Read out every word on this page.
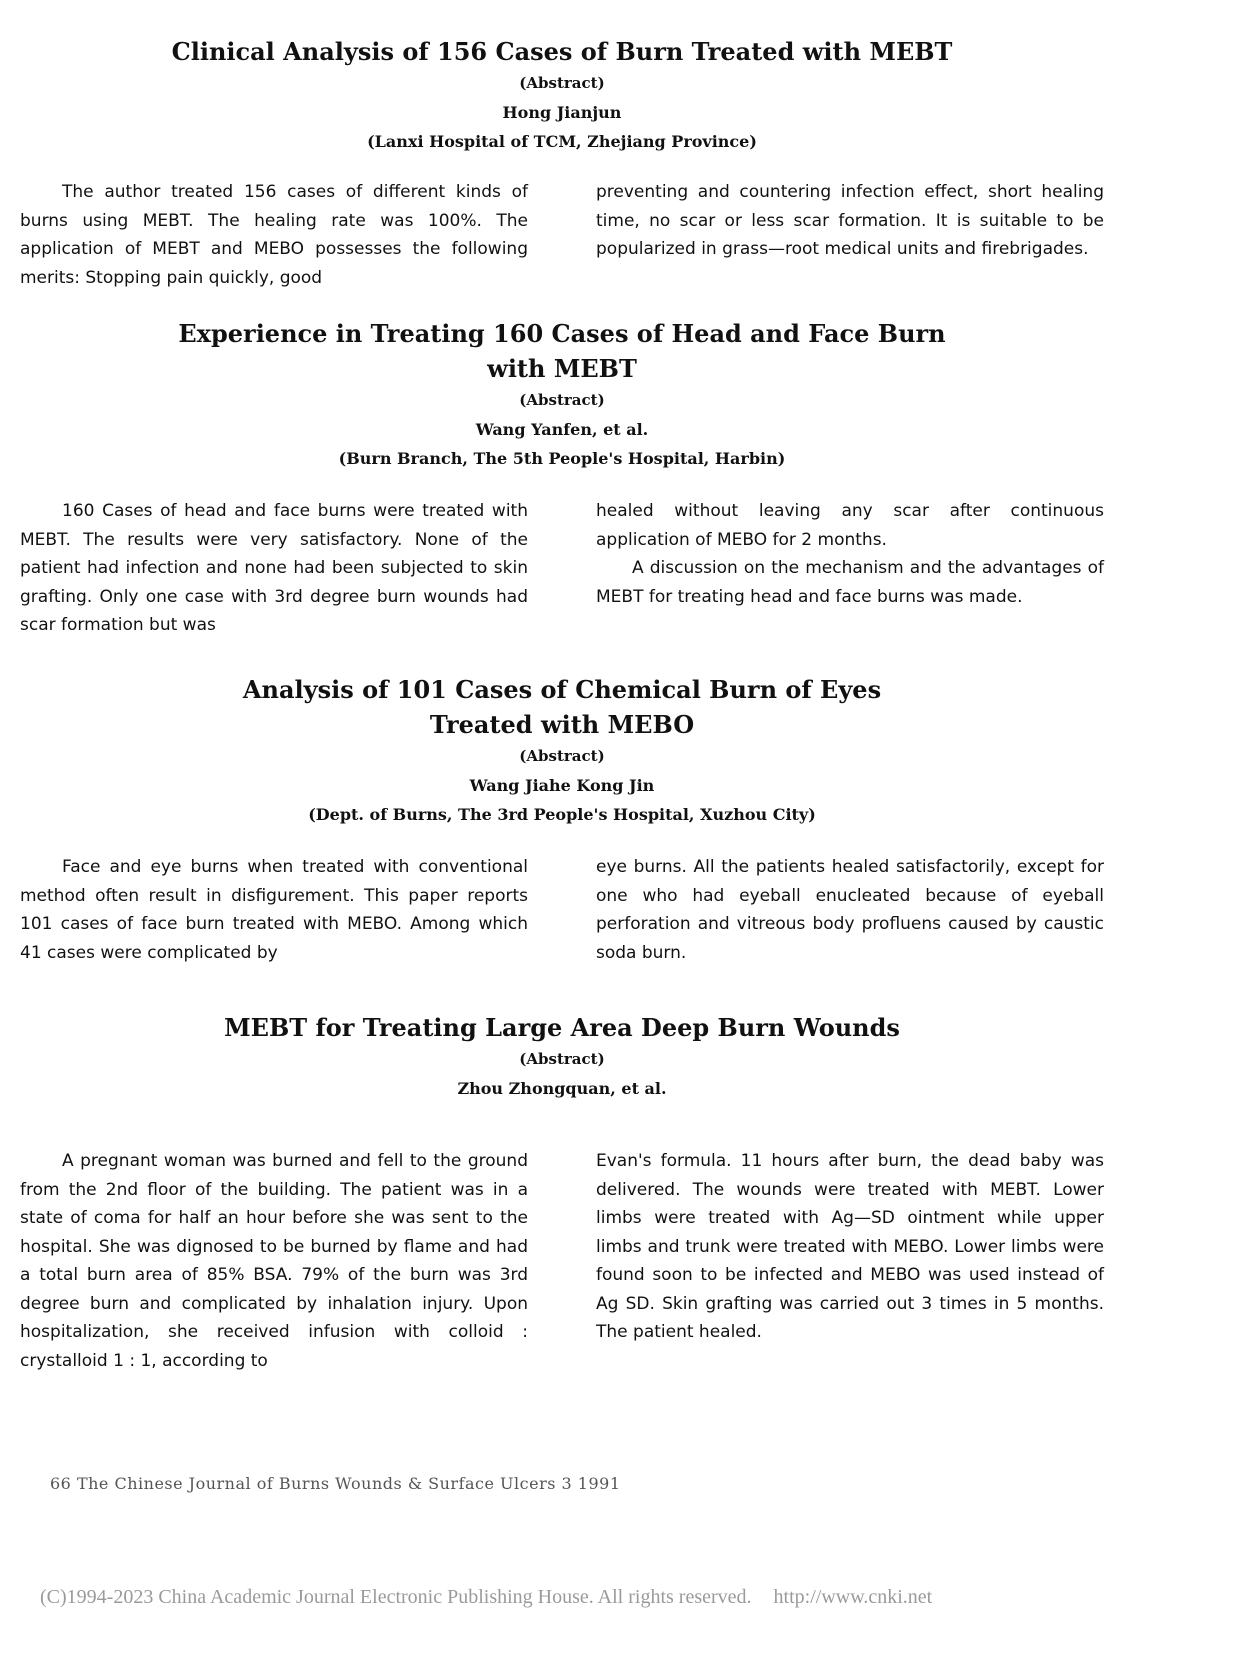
Clinical Analysis of 156 Cases of Burn Treated with MEBT

(Abstract)

Hong Jianjun

(Lanxi Hospital of TCM, Zhejiang Province)

The author treated 156 cases of different kinds of burns using MEBT. The healing rate was 100%. The application of MEBT and MEBO possesses the following merits: Stopping pain quickly, good

preventing and countering infection effect, short healing time, no scar or less scar formation. It is suitable to be popularized in grass—root medical units and firebrigades.

Experience in Treating 160 Cases of Head and Face Burn
with MEBT

(Abstract)

Wang Yanfen, et al.

(Burn Branch, The 5th People's Hospital, Harbin)

160 Cases of head and face burns were treated with MEBT. The results were very satisfactory. None of the patient had infection and none had been subjected to skin grafting. Only one case with 3rd degree burn wounds had scar formation but was

healed without leaving any scar after continuous application of MEBO for 2 months.

A discussion on the mechanism and the advantages of MEBT for treating head and face burns was made.

Analysis of 101 Cases of Chemical Burn of Eyes
Treated with MEBO

(Abstract)

Wang Jiahe Kong Jin

(Dept. of Burns, The 3rd People's Hospital, Xuzhou City)

Face and eye burns when treated with conventional method often result in disfigurement. This paper reports 101 cases of face burn treated with MEBO. Among which 41 cases were complicated by

eye burns. All the patients healed satisfactorily, except for one who had eyeball enucleated because of eyeball perforation and vitreous body profluens caused by caustic soda burn.

MEBT for Treating Large Area Deep Burn Wounds

(Abstract)

Zhou Zhongquan, et al.

A pregnant woman was burned and fell to the ground from the 2nd floor of the building. The patient was in a state of coma for half an hour before she was sent to the hospital. She was dignosed to be burned by flame and had a total burn area of 85% BSA. 79% of the burn was 3rd degree burn and complicated by inhalation injury. Upon hospitalization, she received infusion with colloid : crystalloid 1 : 1, according to

Evan's formula. 11 hours after burn, the dead baby was delivered. The wounds were treated with MEBT. Lower limbs were treated with Ag—SD ointment while upper limbs and trunk were treated with MEBO. Lower limbs were found soon to be infected and MEBO was used instead of Ag SD. Skin grafting was carried out 3 times in 5 months. The patient healed.

66 The Chinese Journal of Burns Wounds & Surface Ulcers 3 1991
(C)1994-2023 China Academic Journal Electronic Publishing House. All rights reserved. http://www.cnki.net
